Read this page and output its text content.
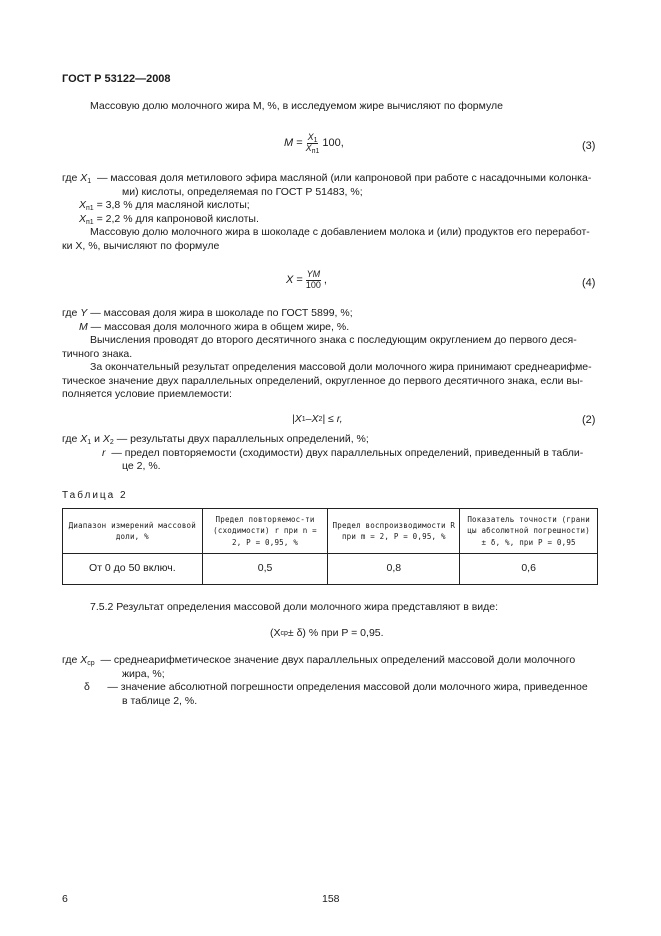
ГОСТ Р 53122—2008
Массовую долю молочного жира M, %, в исследуемом жире вычисляют по формуле
M
= $\frac{X_1}{X_{п1}} 100$,	(3)
где $X_1$ — массовая доля метилового эфира масляной (или капроновой при работе с насадочными колонка-
ми) кислоты, определяемая по ГОСТ Р 51483, %;
$X_{п1} = 3,8$ % для масляной кислоты;
$X_{п1} = 2,2$ % для капроновой кислоты.
Массовую долю молочного жира в шоколаде с добавлением молока и (или) продуктов его переработ-
ки X, %, вычисляют по формуле
X
= $\frac{YM}{100}$ ,	(4)
где Y — массовая доля жира в шоколаде по ГОСТ 5899, %;
M — массовая доля молочного жира в общем жире, %.
Вычисления проводят до второго десятичного знака с последующим округлением до первого деся-
тичного знака.
За окончательный результат определения массовой доли молочного жира принимают среднеарифме-
тическое значение двух параллельных определений, округленное до первого десятичного знака, если вы-
полняется условие приемлемости:
|X 1 –X 2 | ≤ r,	(2)
где $X_1$ и $X_2$ — результаты двух параллельных определений, %;
r — предел повторяемости (сходимости) двух параллельных определений, приведенный в табли-
це 2, %.
Таблица 2
Диапазон измерений массовой доли, %	Предел повторяемос-ти (сходимости) r при n = 2, P = 0,95, %	Предел воспроизводимости R при m = 2, P = 0,95, %	Показатель точности (грани цы абсолютной погрешности) ± δ, %, при P = 0,95
От 0 до 50 включ.	0,5	0,8	0,6
7.5.2 Результат определения массовой доли молочного жира представляют в виде:
(X ср ± δ) % при P = 0,95.
где $X_{ср}$ — среднеарифметическое значение двух параллельных определений массовой доли молочного
жира, %;
δ — значение абсолютной погрешности определения массовой доли молочного жира, приведенное
в таблице 2, %.
6	158
